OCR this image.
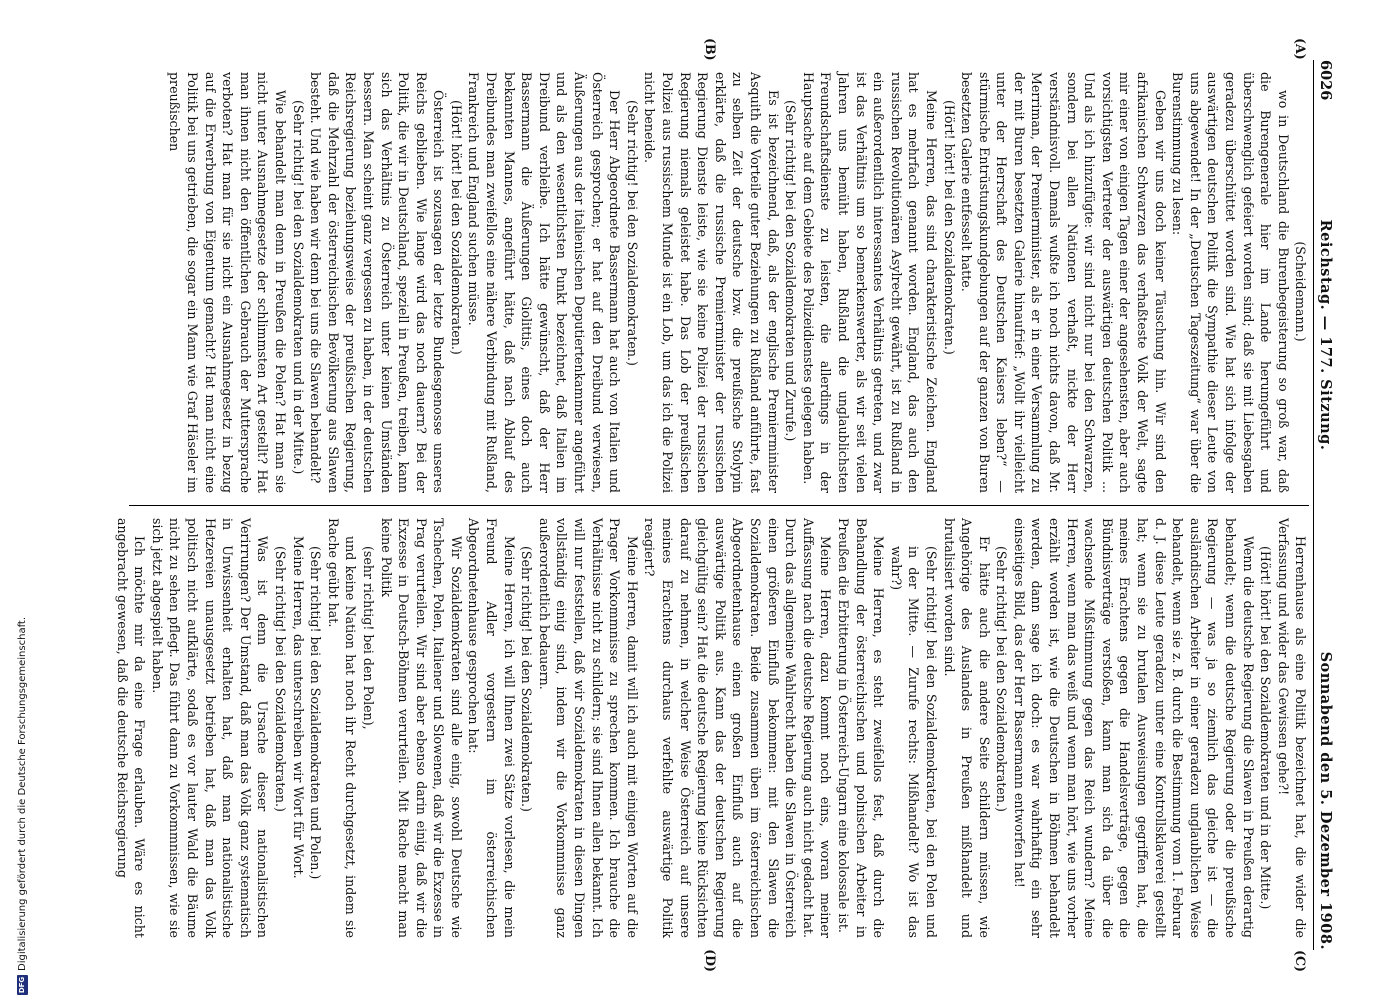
6026
Reichstag. — 177. Sitzung.
Sonnabend den 5. Dezember 1908.
(A)
(B)
(C)
(D)

(Scheidemann.)

wo in Deutschland die Burenbegeisterung so groß war, daß die Burengenerale hier im Lande herumgeführt und überschwenglich gefeiert worden sind; daß sie mit Liebesgaben geradezu überschüttet worden sind. Wie hat sich infolge der auswärtigen deutschen Politik die Sympathie dieser Leute von uns abgewendet! In der „Deutschen Tageszeitung“ war über die Burenstimmung zu lesen:

Geben wir uns doch keiner Täuschung hin. Wir sind den afrikanischen Schwarzen das verhaßteste Volk der Welt, sagte mir einer von einigen Tagen einer der angesehensten, aber auch vorsichtigsten Vertreter der auswärtigen deutschen Politik ... Und als ich hinzufügte: wir sind nicht nur bei den Schwarzen, sondern bei allen Nationen verhaßt, nickte der Herr verständnisvoll. Damals wußte ich noch nichts davon, daß Mr. Merriman, der Premierminister, als er in einer Versammlung zu der mit Buren besetzten Galerie hinaufrief: „Wollt ihr vielleicht unter der Herrschaft des Deutschen Kaisers leben?“ — stürmische Entrüstungskundgebungen auf der ganzen von Buren besetzten Galerie entfesselt hatte.

(Hört! hört! bei den Sozialdemokraten.)

Meine Herren, das sind charakteristische Zeichen. England hat es mehrfach genannt worden. England, das auch den russischen Revolutionären Asylrecht gewährt, ist zu Rußland in ein außerordentlich interessantes Verhältnis getreten, und zwar ist das Verhältnis um so bemerkenswerter, als wir seit vielen Jahren uns bemüht haben, Rußland die unglaublichsten Freundschaftsdienste zu leisten, die allerdings in der Hauptsache auf dem Gebiete des Polizeidienstes gelegen haben.

(Sehr richtig! bei den Sozialdemokraten und Zurufe.)

Es ist bezeichnend, daß, als der englische Premierminister Asquith die Vorteile guter Beziehungen zu Rußland anführte, fast zu selben Zeit der deutsche bzw. die preußische Stolypin erklärte, daß die russische Premierminister der russischen Regierung Dienste leiste, wie sie keine Polizei der russischen Regierung niemals geleistet habe. Das Lob der preußischen Polizei aus russischem Munde ist ein Lob, um das ich die Polizei nicht beneide.

(Sehr richtig! bei den Sozialdemokraten.)

Der Herr Abgeordnete Bassermann hat auch von Italien und Österreich gesprochen; er hat auf den Dreibund verwiesen, Äußerungen aus der italienischen Deputiertenkammer angeführt und als den wesentlichsten Punkt bezeichnet, daß Italien im Dreibund verbleibe. Ich hätte gewünscht, daß der Herr Bassermann die Äußerungen Giolittis, eines doch auch bekannten Mannes, angeführt hätte, daß nach Ablauf des Dreibundes man zweifellos eine nähere Verbindung mit Rußland, Frankreich und England suchen müsse.

(Hört! hört! bei den Sozialdemokraten.)

Österreich ist sozusagen der letzte Bundesgenosse unseres Reichs geblieben. Wie lange wird das noch dauern? Bei der Politik, die wir in Deutschland, speziell in Preußen, treiben, kann sich das Verhältnis zu Österreich unter keinen Umständen bessern. Man scheint ganz vergessen zu haben, in der deutschen Reichsregierung beziehungsweise der preußischen Regierung, daß die Mehrzahl der österreichischen Bevölkerung aus Slawen besteht. Und wie haben wir denn bei uns die Slawen behandelt?

(Sehr richtig! bei den Sozialdemokraten und in der Mitte.)

Wie behandelt man denn in Preußen die Polen? Hat man sie nicht unter Ausnahmegesetze der schlimmsten Art gestellt? Hat man ihnen nicht den öffentlichen Gebrauch der Muttersprache verboten? Hat man für sie nicht ein Ausnahmegesetz in bezug auf die Erwerbung von Eigentum gemacht? Hat man nicht eine Politik bei uns getrieben, die sogar ein Mann wie Graf Häseler im preußischen

Herrenhause als eine Politik bezeichnet hat, die wider die Verfassung und wider das Gewissen gehe?!

(Hört! hört! bei den Sozialdemokraten und in der Mitte.)

Wenn die deutsche Regierung die Slawen in Preußen derartig behandelt; wenn die deutsche Regierung oder die preußische Regierung — was ja so ziemlich das gleiche ist — die ausländischen Arbeiter in einer geradezu unglaublichen Weise behandelt, wenn sie z. B. durch die Bestimmung vom 1. Februar d. J. diese Leute geradezu unter eine Kontrollsklaverei gestellt hat; wenn sie zu brutalen Ausweisungen gegriffen hat, die meines Erachtens gegen die Handelsverträge, gegen die Bündnisverträge verstoßen, kann man sich da über die wachsende Mißstimmung gegen das Reich wundern? Meine Herren, wenn man das weiß und wenn man hört, wie uns vorher erzählt worden ist, wie die Deutschen in Böhmen behandelt werden, dann sage ich doch: es war wahrhaftig ein sehr einseitiges Bild, das der Herr Bassermann entworfen hat!

(Sehr richtig! bei den Sozialdemokraten.)

Er hätte auch die andere Seite schildern müssen, wie Angehörige des Auslandes in Preußen mißhandelt und brutalisiert worden sind.

(Sehr richtig! bei den Sozialdemokraten, bei den Polen und in der Mitte. — Zurufe rechts: Mißhandelt? Wo ist das wahr?)

Meine Herren, es steht zweifellos fest, daß durch die Behandlung der österreichischen und polnischen Arbeiter in Preußen die Erbitterung in Österreich-Ungarn eine kolossale ist.

Meine Herren, dazu kommt noch eins, woran meiner Auffassung nach die deutsche Regierung auch nicht gedacht hat. Durch das allgemeine Wahlrecht haben die Slawen in Österreich einen größeren Einfluß bekommen: mit den Slawen die Sozialdemokraten. Beide zusammen üben im österreichischen Abgeordnetenhause einen großen Einfluß auch auf die auswärtige Politik aus. Kann das der deutschen Regierung gleichgültig sein? Hat die deutsche Regierung keine Rücksichten darauf zu nehmen, in welcher Weise Österreich auf unsere meines Erachtens durchaus verfehlte auswärtige Politik reagiert?

Meine Herren, damit will ich auch mit einigen Worten auf die Prager Vorkommnisse zu sprechen kommen. Ich brauche die Verhältnisse nicht zu schildern; sie sind Ihnen allen bekannt. Ich will nur feststellen, daß wir Sozialdemokraten in diesen Dingen vollständig einig sind, indem wir die Vorkommnisse ganz außerordentlich bedauern.

(Sehr richtig! bei den Sozialdemokraten.)

Meine Herren, ich will Ihnen zwei Sätze vorlesen, die mein Freund Adler vorgestern im österreichischen Abgeordnetenhause gesprochen hat:

Wir Sozialdemokraten sind alle einig, sowohl Deutsche wie Tschechen, Polen, Italiener und Slowenen, daß wir die Exzesse in Prag verurteilen. Wir sind aber ebenso darin einig, daß wir die Exzesse in Deutsch-Böhmen verurteilen. Mit Rache macht man keine Politik

(sehr richtig! bei den Polen),

und keine Nation hat noch ihr Recht durchgesetzt, indem sie Rache geübt hat.

(Sehr richtig! bei den Sozialdemokraten und Polen.)

Meine Herren, das unterschreiben wir Wort für Wort.

(Sehr richtig! bei den Sozialdemokraten.)

Was ist denn die Ursache dieser nationalistischen Verirrungen? Der Umstand, daß man das Volk ganz systematisch in Unwissenheit erhalten hat, daß man nationalistische Hetzereien unausgesetzt betrieben hat, daß man das Volk politisch nicht aufklärte, sodaß es vor lauter Wald die Bäume nicht zu sehen pflegt. Das führt dann zu Vorkommnissen, wie sie sich jetzt abgespielt haben.

Ich möchte mir da eine Frage erlauben. Wäre es nicht angebracht gewesen, daß die deutsche Reichsregierung

DFG
Digitalisierung gefördert durch die Deutsche Forschungsgemeinschaft.
